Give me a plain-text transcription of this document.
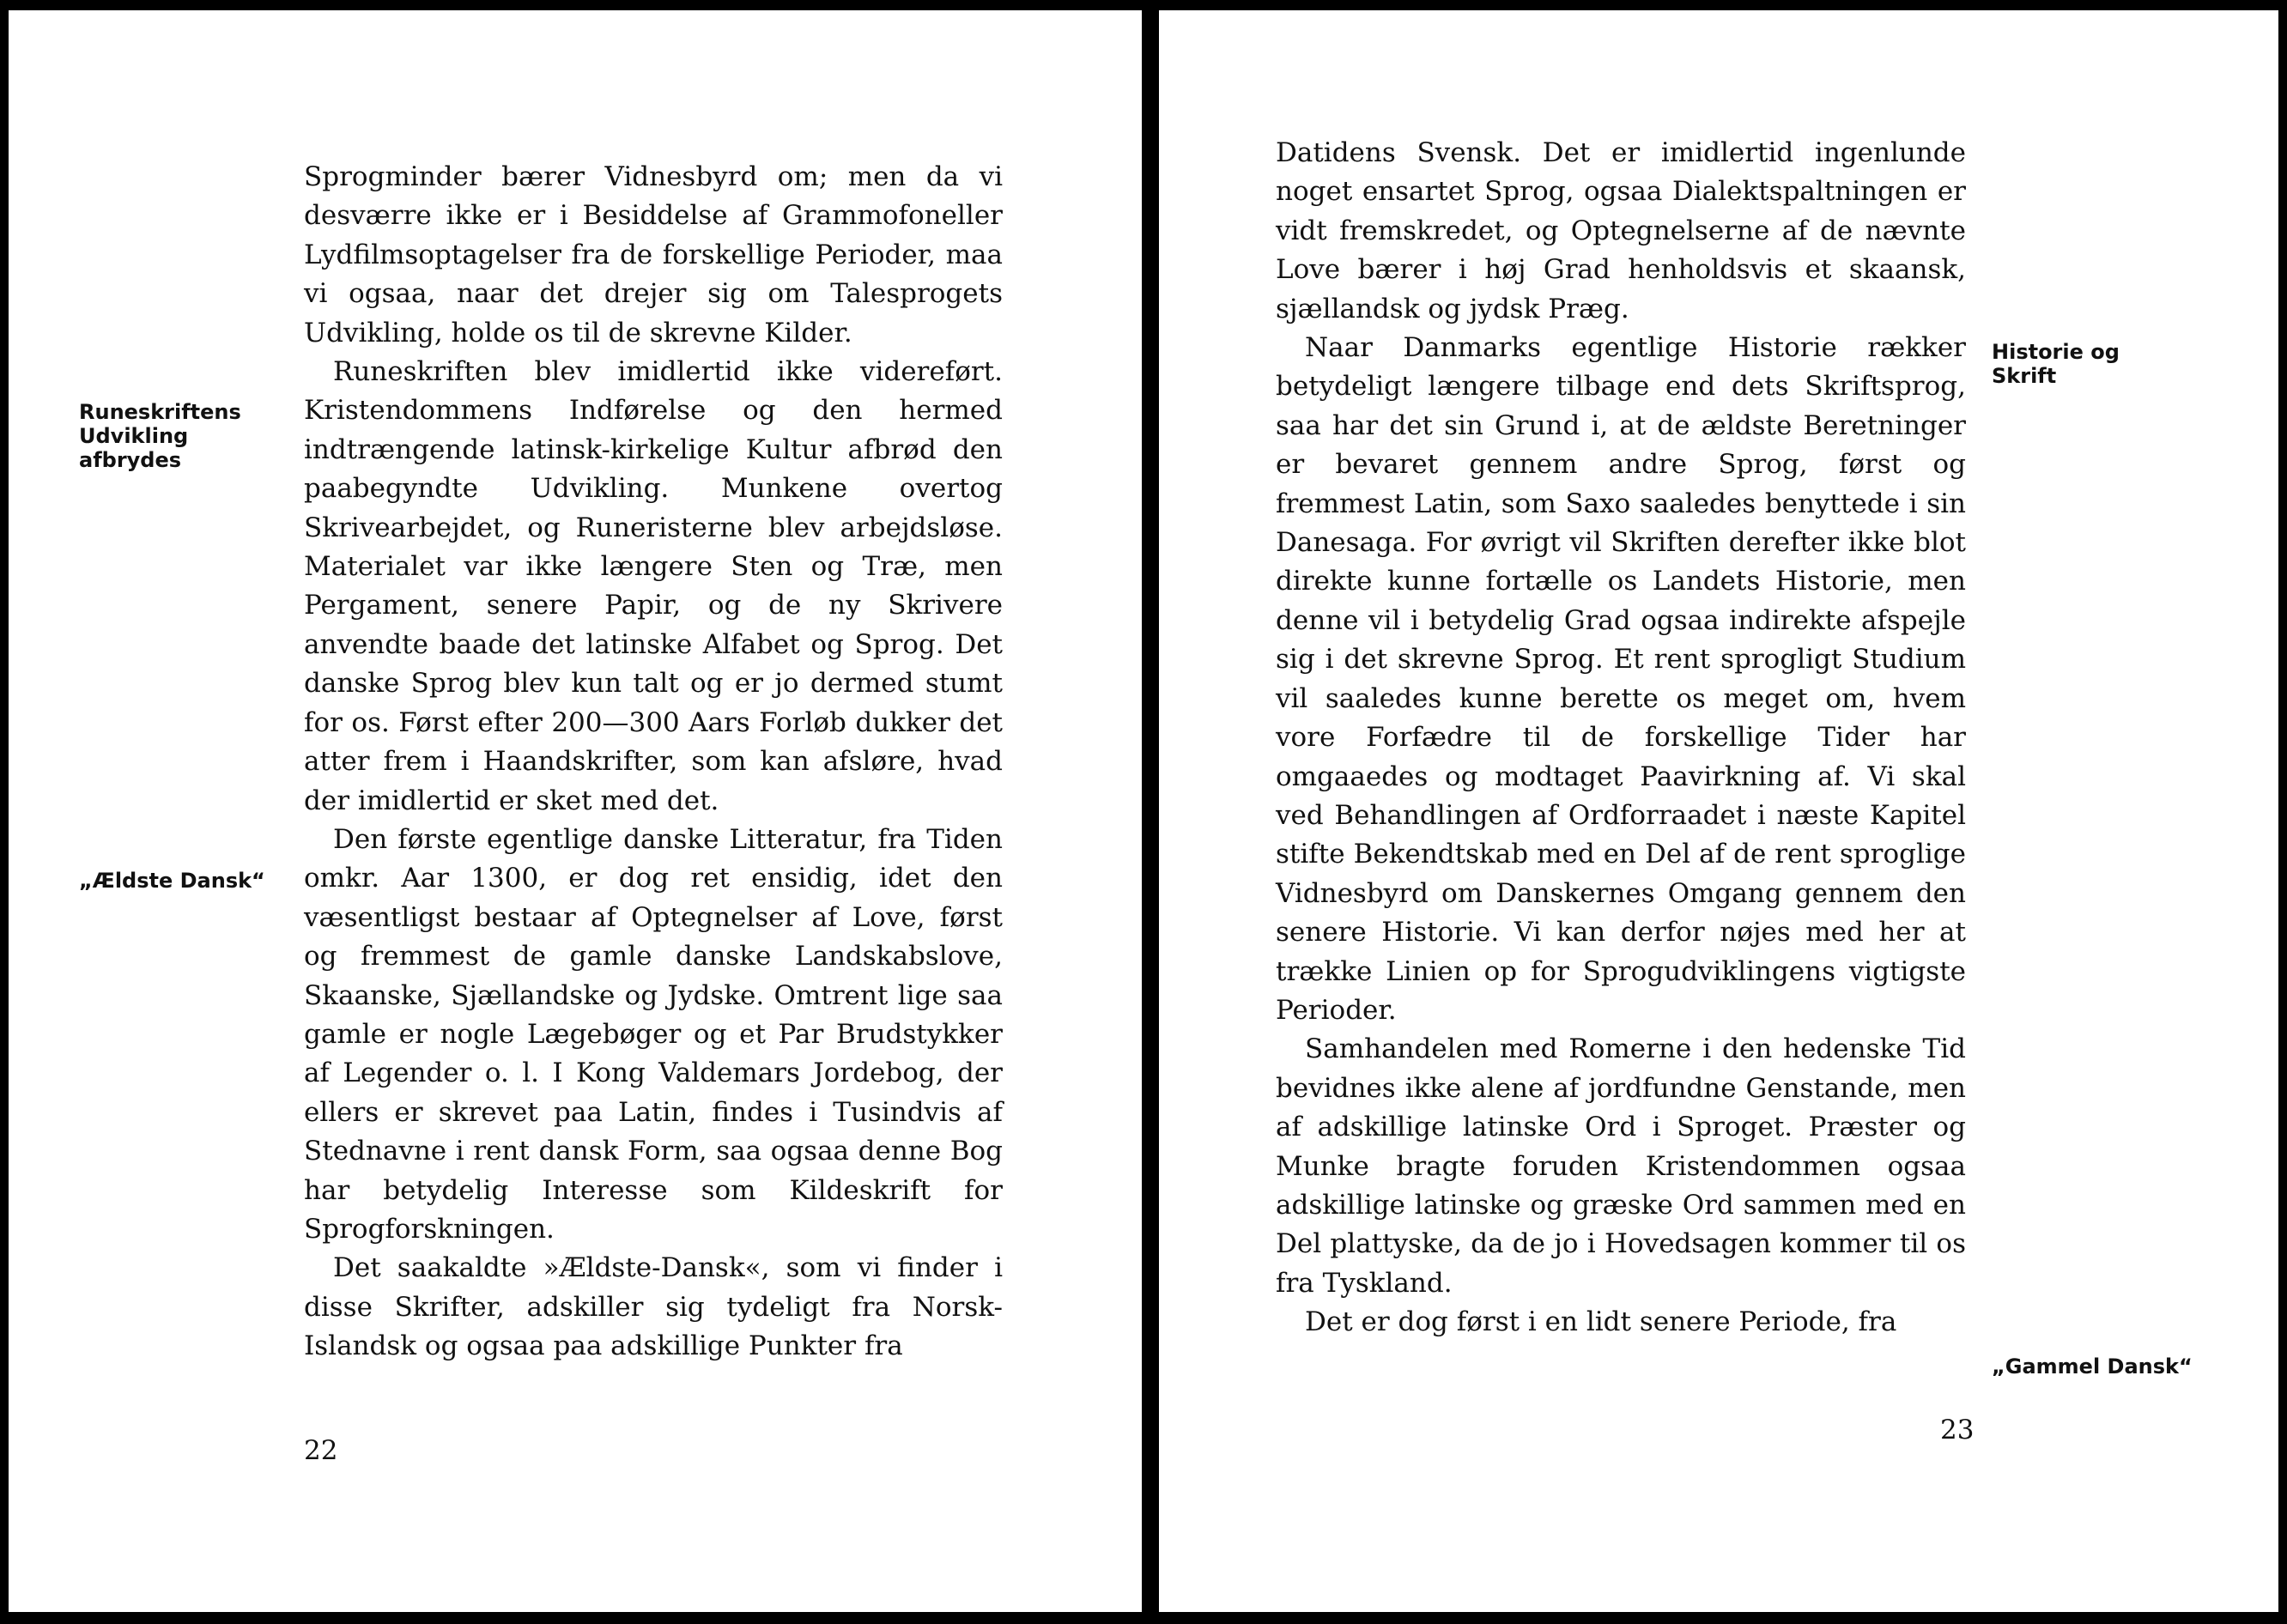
Runeskriftens Udvikling afbrydes
„Ældste Dansk“

Sprogminder bærer Vidnesbyrd om; men da vi desværre ikke er i Besiddelse af Grammofoneller Lydfilmsoptagelser fra de forskellige Perioder, maa vi ogsaa, naar det drejer sig om Talesprogets Udvikling, holde os til de skrevne Kilder.

Runeskriften blev imidlertid ikke videreført. Kristendommens Indførelse og den hermed indtrængende latinsk-kirkelige Kultur afbrød den paabegyndte Udvikling. Munkene overtog Skrivearbejdet, og Runeristerne blev arbejdsløse. Materialet var ikke længere Sten og Træ, men Pergament, senere Papir, og de ny Skrivere anvendte baade det latinske Alfabet og Sprog. Det danske Sprog blev kun talt og er jo dermed stumt for os. Først efter 200—300 Aars Forløb dukker det atter frem i Haandskrifter, som kan afsløre, hvad der imidlertid er sket med det.

Den første egentlige danske Litteratur, fra Tiden omkr. Aar 1300, er dog ret ensidig, idet den væsentligst bestaar af Optegnelser af Love, først og fremmest de gamle danske Landskabslove, Skaanske, Sjællandske og Jydske. Omtrent lige saa gamle er nogle Lægebøger og et Par Brudstykker af Legender o. l. I Kong Valdemars Jordebog, der ellers er skrevet paa Latin, findes i Tusindvis af Stednavne i rent dansk Form, saa ogsaa denne Bog har betydelig Interesse som Kildeskrift for Sprogforskningen.

Det saakaldte »Ældste-Dansk«, som vi finder i disse Skrifter, adskiller sig tydeligt fra Norsk-Islandsk og ogsaa paa adskillige Punkter fra

22

Datidens Svensk. Det er imidlertid ingenlunde noget ensartet Sprog, ogsaa Dialektspaltningen er vidt fremskredet, og Optegnelserne af de nævnte Love bærer i høj Grad henholdsvis et skaansk, sjællandsk og jydsk Præg.

Naar Danmarks egentlige Historie rækker betydeligt længere tilbage end dets Skriftsprog, saa har det sin Grund i, at de ældste Beretninger er bevaret gennem andre Sprog, først og fremmest Latin, som Saxo saaledes benyttede i sin Danesaga. For øvrigt vil Skriften derefter ikke blot direkte kunne fortælle os Landets Historie, men denne vil i betydelig Grad ogsaa indirekte afspejle sig i det skrevne Sprog. Et rent sprogligt Studium vil saaledes kunne berette os meget om, hvem vore Forfædre til de forskellige Tider har omgaaedes og modtaget Paavirkning af. Vi skal ved Behandlingen af Ordforraadet i næste Kapitel stifte Bekendtskab med en Del af de rent sproglige Vidnesbyrd om Danskernes Omgang gennem den senere Historie. Vi kan derfor nøjes med her at trække Linien op for Sprogudviklingens vigtigste Perioder.

Samhandelen med Romerne i den hedenske Tid bevidnes ikke alene af jordfundne Genstande, men af adskillige latinske Ord i Sproget. Præster og Munke bragte foruden Kristendommen ogsaa adskillige latinske og græske Ord sammen med en Del plattyske, da de jo i Hovedsagen kommer til os fra Tyskland.

Det er dog først i en lidt senere Periode, fra

Historie og Skrift
„Gammel Dansk“
23
